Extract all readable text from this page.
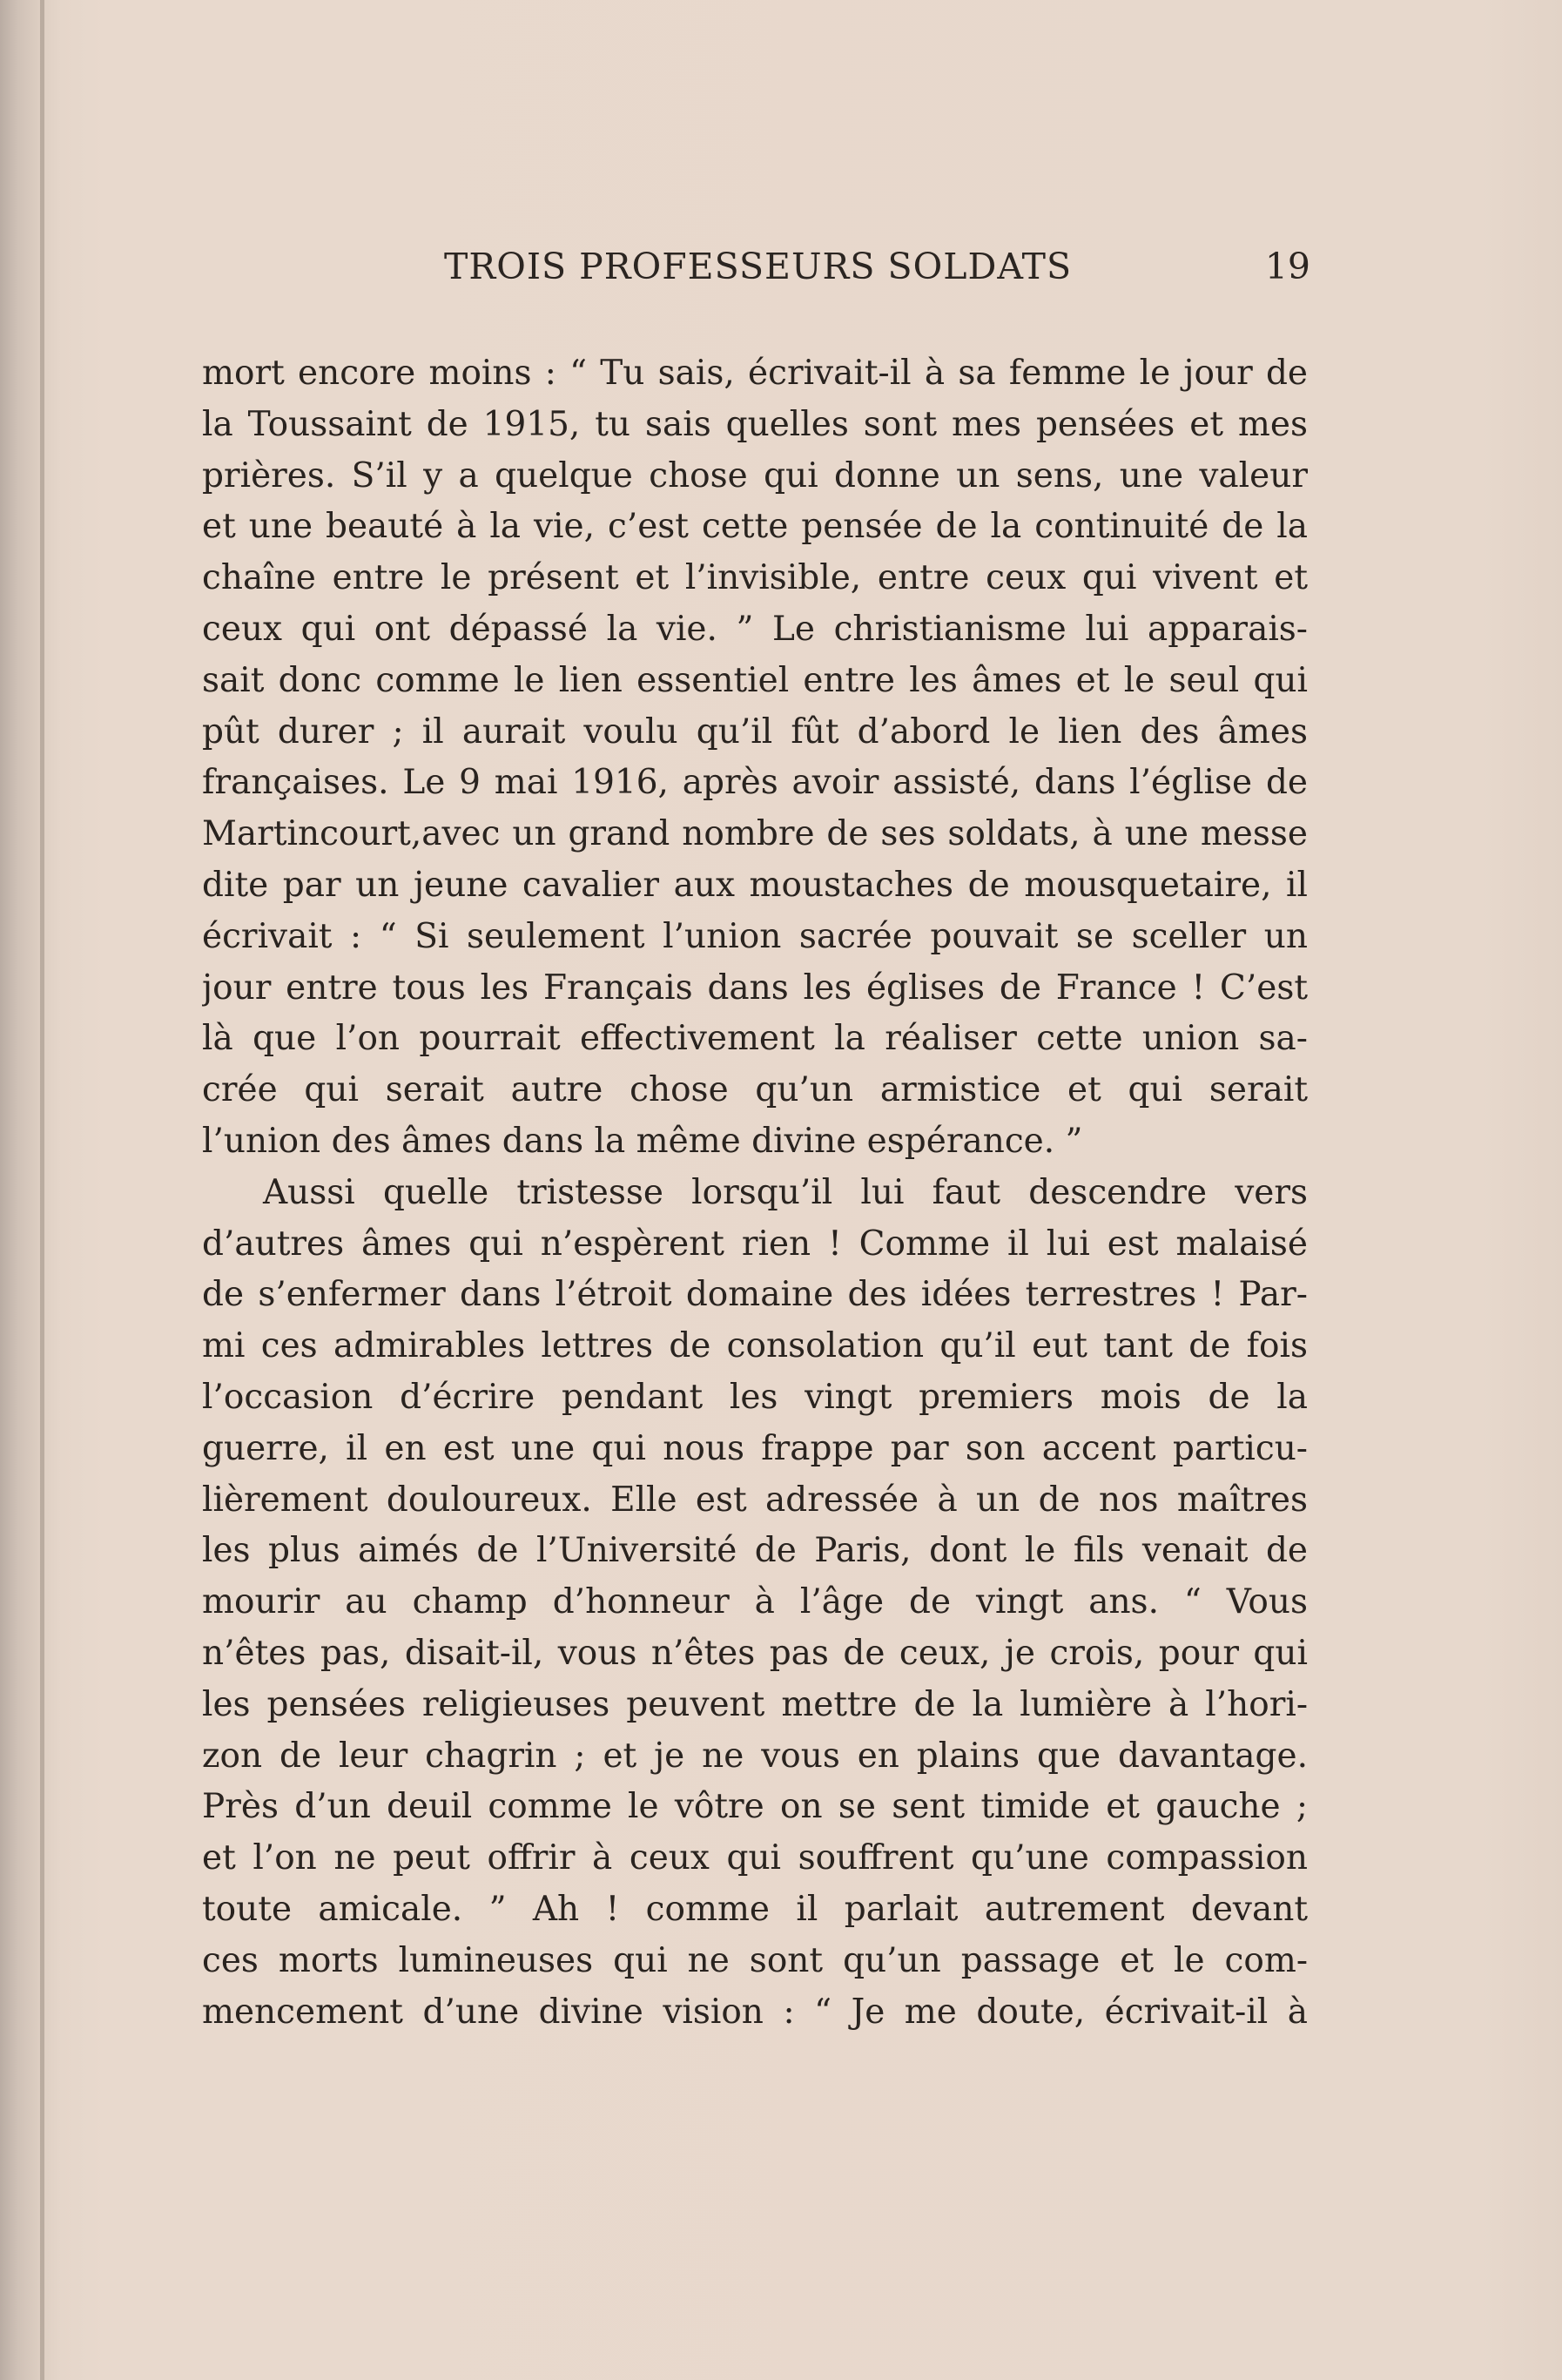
TROIS PROFESSEURS SOLDATS	19
mort encore moins : “ Tu sais, écrivait-il à sa femme le jour de
la Toussaint de 1915, tu sais quelles sont mes pensées et mes
prières. S’il y a quelque chose qui donne un sens, une valeur
et une beauté à la vie, c’est cette pensée de la continuité de la
chaîne entre le présent et l’invisible, entre ceux qui vivent et
ceux qui ont dépassé la vie. ” Le christianisme lui apparais-
sait donc comme le lien essentiel entre les âmes et le seul qui
pût durer ; il aurait voulu qu’il fût d’abord le lien des âmes
françaises. Le 9 mai 1916, après avoir assisté, dans l’église de
Martincourt,avec un grand nombre de ses soldats, à une messe
dite par un jeune cavalier aux moustaches de mousquetaire, il
écrivait : “ Si seulement l’union sacrée pouvait se sceller un
jour entre tous les Français dans les églises de France ! C’est
là que l’on pourrait effectivement la réaliser cette union sa-
crée qui serait autre chose qu’un armistice et qui serait
l’union des âmes dans la même divine espérance. ”
Aussi quelle tristesse lorsqu’il lui faut descendre vers
d’autres âmes qui n’espèrent rien ! Comme il lui est malaisé
de s’enfermer dans l’étroit domaine des idées terrestres ! Par-
mi ces admirables lettres de consolation qu’il eut tant de fois
l’occasion d’écrire pendant les vingt premiers mois de la
guerre, il en est une qui nous frappe par son accent particu-
lièrement douloureux. Elle est adressée à un de nos maîtres
les plus aimés de l’Université de Paris, dont le fils venait de
mourir au champ d’honneur à l’âge de vingt ans. “ Vous
n’êtes pas, disait-il, vous n’êtes pas de ceux, je crois, pour qui
les pensées religieuses peuvent mettre de la lumière à l’hori-
zon de leur chagrin ; et je ne vous en plains que davantage.
Près d’un deuil comme le vôtre on se sent timide et gauche ;
et l’on ne peut offrir à ceux qui souffrent qu’une compassion
toute amicale. ” Ah ! comme il parlait autrement devant
ces morts lumineuses qui ne sont qu’un passage et le com-
mencement d’une divine vision : “ Je me doute, écrivait-il à
